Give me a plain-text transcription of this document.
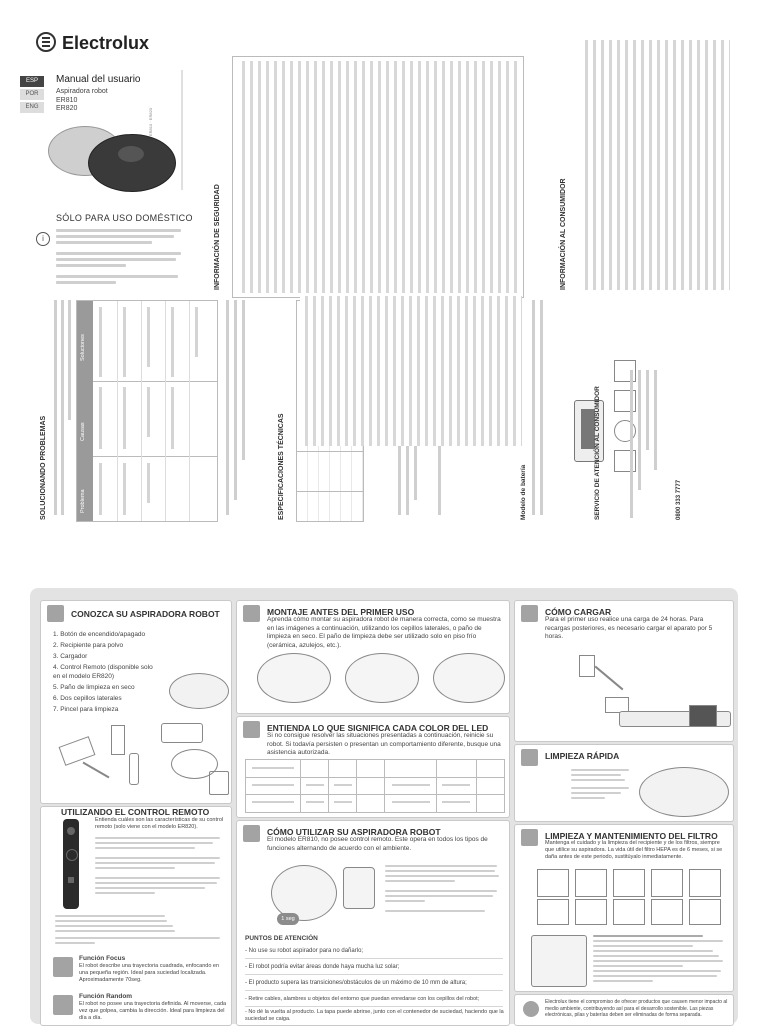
Electrolux
ESP
POR
ENG
Manual del usuario
Aspiradora robot
ER810
ER820	ER810 · ER820
SÓLO PARA USO DOMÉSTICO
i
SOLUCIONANDO PROBLEMAS	Problema
Causas
Soluciones
ESPECIFICACIONES TÉCNICAS
INFORMACIÓN DE SEGURIDAD
Modelo de batería	SERVICIO DE ATENCIÓN AL CONSUMIDOR	0800 333 7777
INFORMACIÓN AL CONSUMIDOR
CONOZCA SU ASPIRADORA ROBOT
1. Botón de encendido/apagado
2. Recipiente para polvo
3. Cargador
4. Control Remoto (disponible solo en el modelo ER820)
5. Paño de limpieza en seco
6. Dos cepillos laterales
7. Pincel para limpieza
MONTAJE ANTES DEL PRIMER USO
Aprenda cómo montar su aspiradora robot de manera correcta, como se muestra en las imágenes a continuación, utilizando los cepillos laterales, o paño de limpieza en seco. El paño de limpieza debe ser utilizado solo en piso frío (cerámica, azulejos, etc.).
CÓMO CARGAR
Para el primer uso realice una carga de 24 horas. Para recargas posteriores, es necesario cargar el aparato por 5 horas.
ENTIENDA LO QUE SIGNIFICA CADA COLOR DEL LED
Si no consigue resolver las situaciones presentadas a continuación, reinicie su robot. Si todavía persisten o presentan un comportamiento diferente, busque una asistencia autorizada.	LIMPIEZA RÁPIDA
UTILIZANDO EL CONTROL REMOTO
Entienda cuáles son las características de su control remoto (solo viene con el modelo ER820).
Función Focus
El robot describe una trayectoria cuadrada, enfocando en una pequeña región. Ideal para suciedad localizada. Aproximadamente 70seg.
Función Random
El robot no posee una trayectoria definida. Al moverse, cada vez que golpea, cambia la dirección. Ideal para limpieza del día a día.
CÓMO UTILIZAR SU ASPIRADORA ROBOT
El modelo ER810, no posee control remoto. Este opera en todos los tipos de funciones alternando de acuerdo con el ambiente.
1 seg
PUNTOS DE ATENCIÓN
- No use su robot aspirador para no dañarlo;
- El robot podría evitar áreas donde haya mucha luz solar;
- El producto supera las transiciones/obstáculos de un máximo de 10 mm de altura;
- Retire cables, alambres u objetos del entorno que puedan enredarse con los cepillos del robot;
- No dé la vuelta al producto. La tapa puede abrirse, junto con el contenedor de suciedad, haciendo que la suciedad se caiga.
LIMPIEZA Y MANTENIMIENTO DEL FILTRO
Mantenga el cuidado y la limpieza del recipiente y de los filtros, siempre que utilice su aspiradora. La vida útil del filtro HEPA es de 6 meses, si se daña antes de este periodo, sustitúyalo inmediatamente.
Electrolux tiene el compromiso de ofrecer productos que causen menor impacto al medio ambiente, contribuyendo así para el desarrollo sostenible. Las piezas electrónicas, pilas y baterías deben ser eliminadas de forma separada.
